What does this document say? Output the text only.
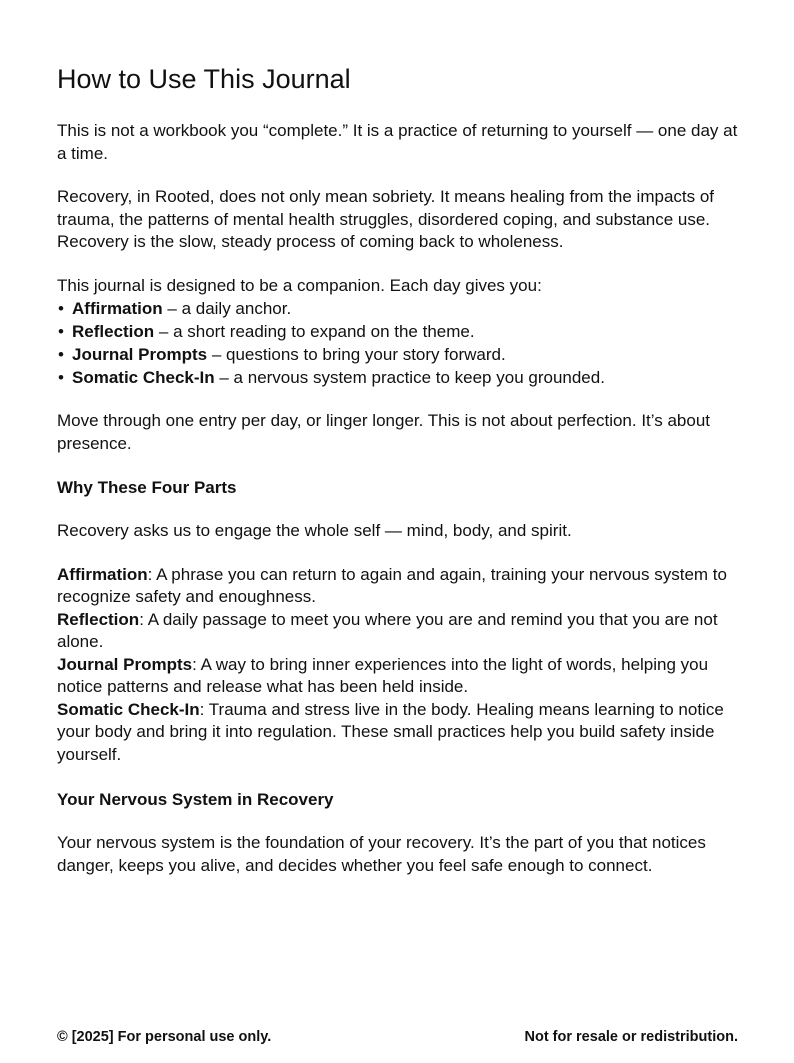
How to Use This Journal

This is not a workbook you “complete.” It is a practice of returning to yourself — one day at a time.

Recovery, in Rooted, does not only mean sobriety. It means healing from the impacts of trauma, the patterns of mental health struggles, disordered coping, and substance use. Recovery is the slow, steady process of coming back to wholeness.

This journal is designed to be a companion. Each day gives you:

• Affirmation – a daily anchor.
• Reflection – a short reading to expand on the theme.
• Journal Prompts – questions to bring your story forward.
• Somatic Check-In – a nervous system practice to keep you grounded.

Move through one entry per day, or linger longer. This is not about perfection. It’s about presence.

Why These Four Parts

Recovery asks us to engage the whole self — mind, body, and spirit.

Affirmation: A phrase you can return to again and again, training your nervous system to recognize safety and enoughness.

Reflection: A daily passage to meet you where you are and remind you that you are not alone.

Journal Prompts: A way to bring inner experiences into the light of words, helping you notice patterns and release what has been held inside.

Somatic Check-In: Trauma and stress live in the body. Healing means learning to notice your body and bring it into regulation. These small practices help you build safety inside yourself.

Your Nervous System in Recovery

Your nervous system is the foundation of your recovery. It’s the part of you that notices danger, keeps you alive, and decides whether you feel safe enough to connect.

© [2025] For personal use only.	Not for resale or redistribution.
